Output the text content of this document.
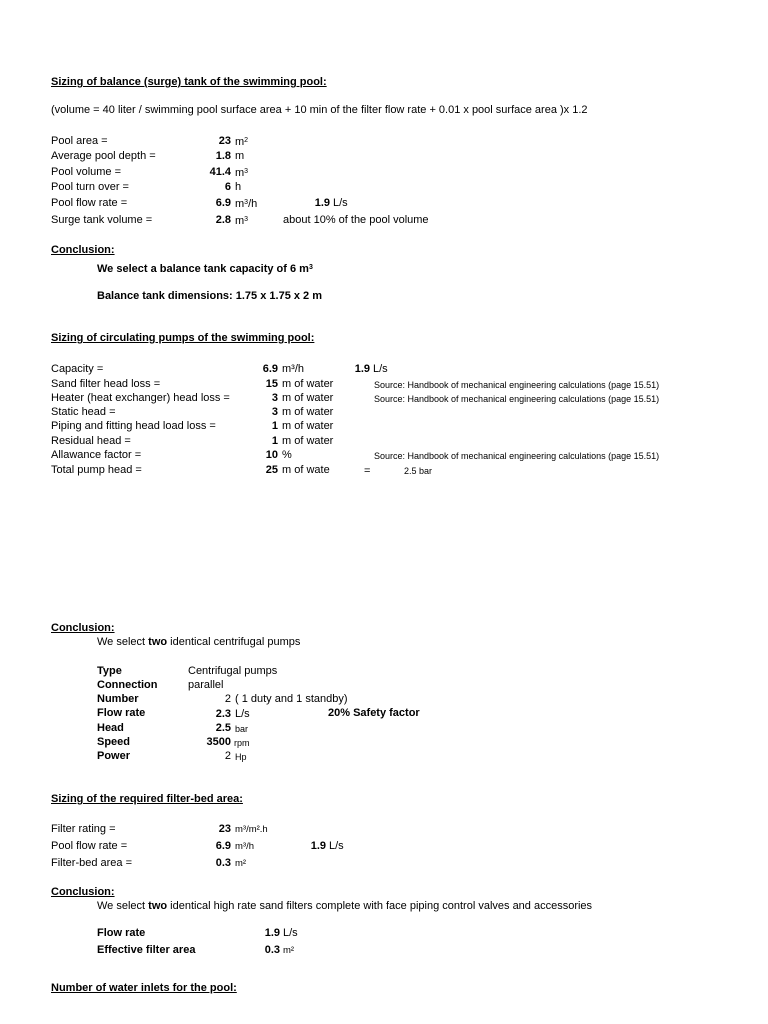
Sizing of balance (surge) tank of the swimming pool:
(volume = 40 liter / swimming pool surface area + 10 min of the filter flow rate + 0.01 x pool surface area )x 1.2
Pool area =	23 $m^2$
Average pool depth =	1.8 m
Pool volume =	41.4 $m^3$
Pool turn over =	6 h
Pool flow rate =	6.9 $m^3/h$	1.9 L/s
Surge tank volume =	2.8 $m^3$	about 10% of the pool volume
Conclusion:
We select a balance tank capacity of 6 $m^3$
Balance tank dimensions: 1.75 x 1.75 x 2 m
Sizing of circulating pumps of the swimming pool:
Capacity =	6.9 m³/h	1.9 L/s
Sand filter head loss =	15 m of water	Source: Handbook of mechanical engineering calculations (page 15.51)
Heater (heat exchanger) head loss =	3 m of water	Source: Handbook of mechanical engineering calculations (page 15.51)
Static head =	3 m of water
Piping and fitting head load loss =	1 m of water
Residual head =	1 m of water
Allawance factor =	10 %	Source: Handbook of mechanical engineering calculations (page 15.51)
Total pump head =	25 m of wate	=	2.5 bar
Conclusion:
We select two identical centrifugal pumps
Type	Centrifugal pumps
Connection	parallel
Number	2 ( 1 duty and 1 standby)
Flow rate	2.3 L/s	20% Safety factor
Head	2.5 bar
Speed	3500 rpm
Power	2 Hp
Sizing of the required filter-bed area:
Filter rating =	23 m³/m².h
Pool flow rate =	6.9 m³/h	1.9 L/s
Filter-bed area =	0.3 m²
Conclusion:
We select two identical high rate sand filters complete with face piping control valves and accessories
Flow rate	1.9 L/s
Effective filter area	0.3 m²
Number of water inlets for the pool:
